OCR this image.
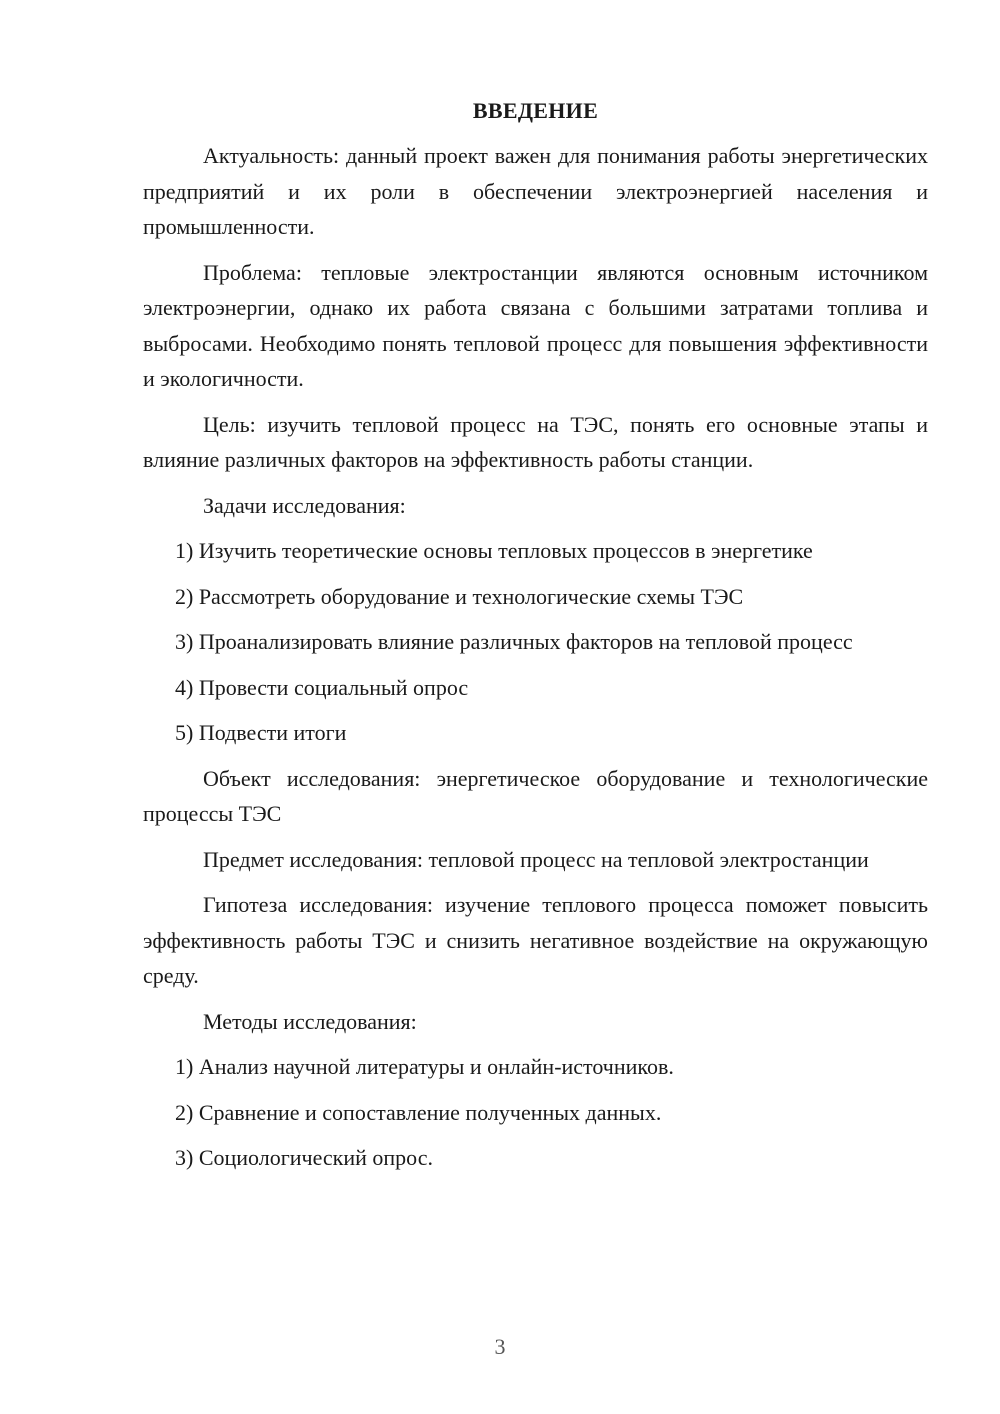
ВВЕДЕНИЕ
Актуальность: данный проект важен для понимания работы энергетических предприятий и их роли в обеспечении электроэнергией населения и промышленности.
Проблема: тепловые электростанции являются основным источником электроэнергии, однако их работа связана с большими затратами топлива и выбросами. Необходимо понять тепловой процесс для повышения эффективности и экологичности.
Цель: изучить тепловой процесс на ТЭС, понять его основные этапы и влияние различных факторов на эффективность работы станции.
Задачи исследования:
1) Изучить теоретические основы тепловых процессов в энергетике
2) Рассмотреть оборудование и технологические схемы ТЭС
3) Проанализировать влияние различных факторов на тепловой процесс
4) Провести социальный опрос
5) Подвести итоги
Объект исследования: энергетическое оборудование и технологические процессы ТЭС
Предмет исследования: тепловой процесс на тепловой электростанции
Гипотеза исследования: изучение теплового процесса поможет повысить эффективность работы ТЭС и снизить негативное воздействие на окружающую среду.
Методы исследования:
1) Анализ научной литературы и онлайн-источников.
2) Сравнение и сопоставление полученных данных.
3) Социологический опрос.
3
